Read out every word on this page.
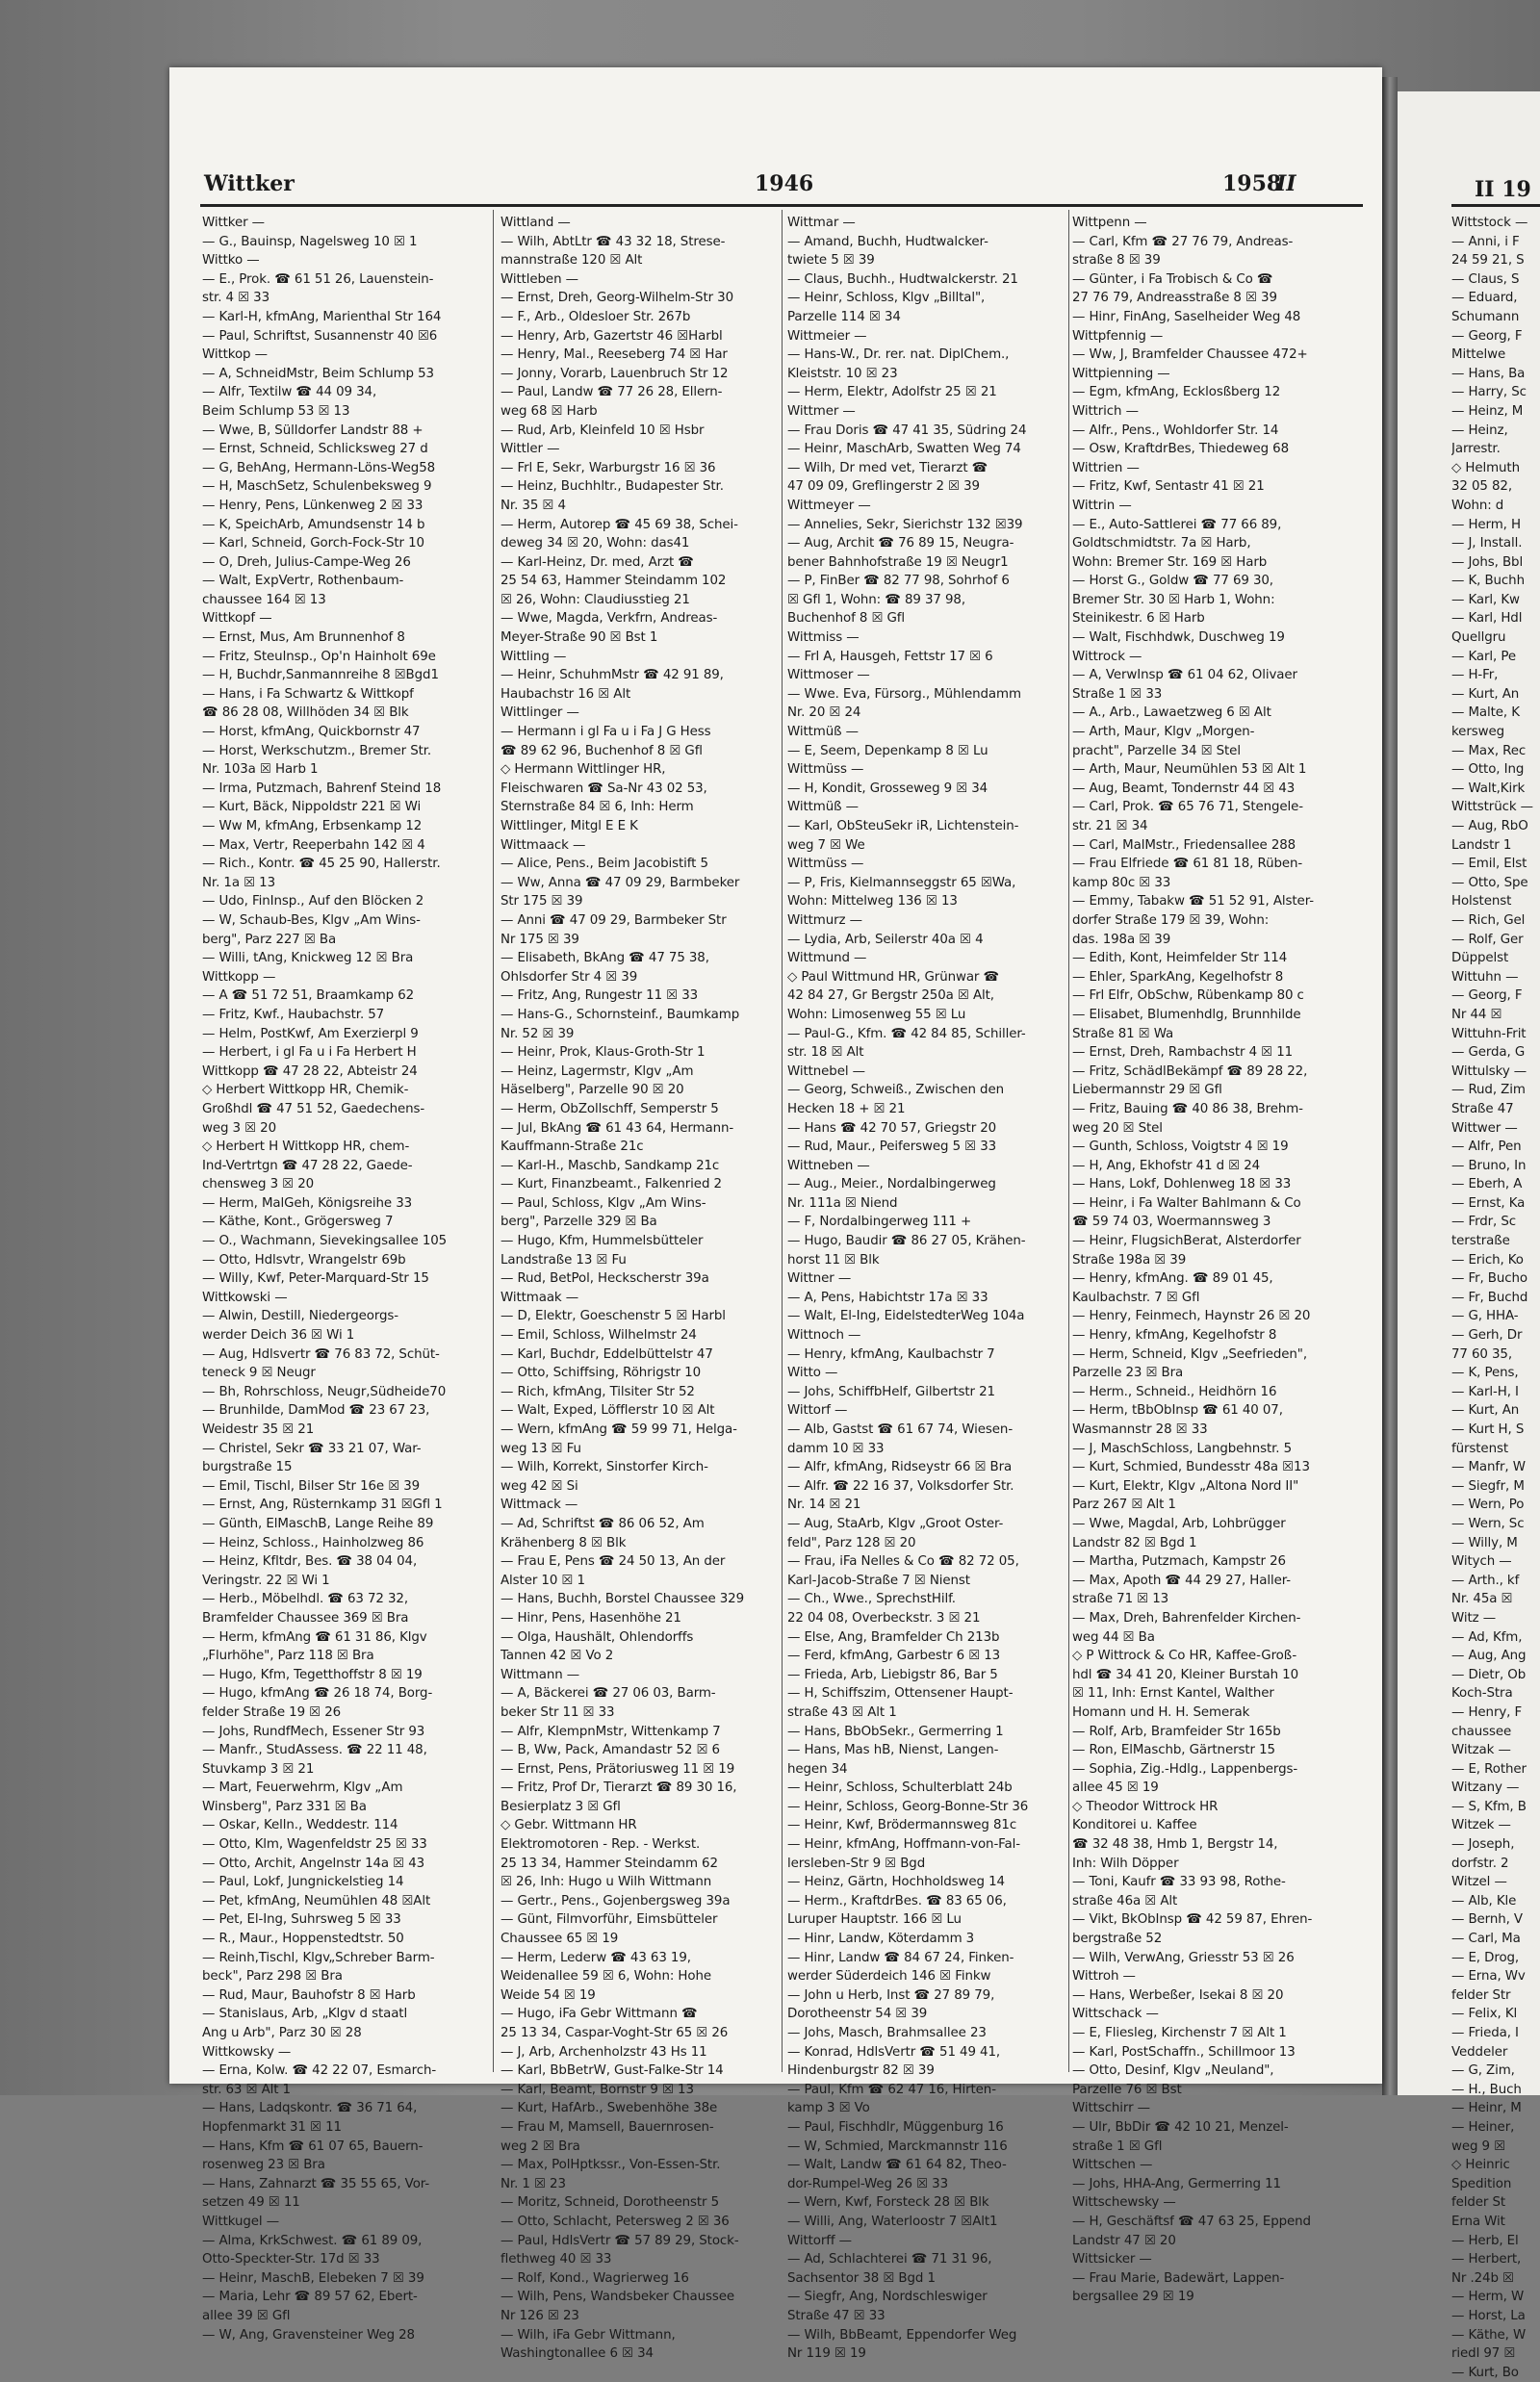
Wittker	1946	1958
II	II 19
Wittker —
— G., Bauinsp, Nagelsweg 10 ☒ 1
Wittko —
— E., Prok. ☎ 61 51 26, Lauenstein-
str. 4 ☒ 33
— Karl-H, kfmAng, Marienthal Str 164
— Paul, Schriftst, Susannenstr 40 ☒6
Wittkop —
— A, SchneidMstr, Beim Schlump 53
— Alfr, Textilw ☎ 44 09 34,
Beim Schlump 53 ☒ 13
— Wwe, B, Sülldorfer Landstr 88 +
— Ernst, Schneid, Schlicksweg 27 d
— G, BehAng, Hermann-Löns-Weg58
— H, MaschSetz, Schulenbeksweg 9
— Henry, Pens, Lünkenweg 2 ☒ 33
— K, SpeichArb, Amundsenstr 14 b
— Karl, Schneid, Gorch-Fock-Str 10
— O, Dreh, Julius-Campe-Weg 26
— Walt, ExpVertr, Rothenbaum-
chaussee 164 ☒ 13
Wittkopf —
— Ernst, Mus, Am Brunnenhof 8
— Fritz, Steulnsp., Op'n Hainholt 69e
— H, Buchdr,Sanmannreihe 8 ☒Bgd1
— Hans, i Fa Schwartz & Wittkopf
☎ 86 28 08, Willhöden 34 ☒ Blk
— Horst, kfmAng, Quickbornstr 47
— Horst, Werkschutzm., Bremer Str.
Nr. 103a ☒ Harb 1
— Irma, Putzmach, Bahrenf Steind 18
— Kurt, Bäck, Nippoldstr 221 ☒ Wi
— Ww M, kfmAng, Erbsenkamp 12
— Max, Vertr, Reeperbahn 142 ☒ 4
— Rich., Kontr. ☎ 45 25 90, Hallerstr.
Nr. 1a ☒ 13
— Udo, FinInsp., Auf den Blöcken 2
— W, Schaub-Bes, Klgv „Am Wins-
berg", Parz 227 ☒ Ba
— Willi, tAng, Knickweg 12 ☒ Bra
Wittkopp —
— A ☎ 51 72 51, Braamkamp 62
— Fritz, Kwf., Haubachstr. 57
— Helm, PostKwf, Am Exerzierpl 9
— Herbert, i gl Fa u i Fa Herbert H
Wittkopp ☎ 47 28 22, Abteistr 24
◇ Herbert Wittkopp HR, Chemik-
Großhdl ☎ 47 51 52, Gaedechens-
weg 3 ☒ 20
◇ Herbert H Wittkopp HR, chem-
Ind-Vertrtgn ☎ 47 28 22, Gaede-
chensweg 3 ☒ 20
— Herm, MalGeh, Königsreihe 33
— Käthe, Kont., Grögersweg 7
— O., Wachmann, Sievekingsallee 105
— Otto, Hdlsvtr, Wrangelstr 69b
— Willy, Kwf, Peter-Marquard-Str 15
Wittkowski —
— Alwin, Destill, Niedergeorgs-
werder Deich 36 ☒ Wi 1
— Aug, Hdlsvertr ☎ 76 83 72, Schüt-
teneck 9 ☒ Neugr
— Bh, Rohrschloss, Neugr,Südheide70
— Brunhilde, DamMod ☎ 23 67 23,
Weidestr 35 ☒ 21
— Christel, Sekr ☎ 33 21 07, War-
burgstraße 15
— Emil, Tischl, Bilser Str 16e ☒ 39
— Ernst, Ang, Rüsternkamp 31 ☒Gfl 1
— Günth, ElMaschB, Lange Reihe 89
— Heinz, Schloss., Hainholzweg 86
— Heinz, Kfltdr, Bes. ☎ 38 04 04,
Veringstr. 22 ☒ Wi 1
— Herb., Möbelhdl. ☎ 63 72 32,
Bramfelder Chaussee 369 ☒ Bra
— Herm, kfmAng ☎ 61 31 86, Klgv
„Flurhöhe", Parz 118 ☒ Bra
— Hugo, Kfm, Tegetthoffstr 8 ☒ 19
— Hugo, kfmAng ☎ 26 18 74, Borg-
felder Straße 19 ☒ 26
— Johs, RundfMech, Essener Str 93
— Manfr., StudAssess. ☎ 22 11 48,
Stuvkamp 3 ☒ 21
— Mart, Feuerwehrm, Klgv „Am
Winsberg", Parz 331 ☒ Ba
— Oskar, Kelln., Weddestr. 114
— Otto, Klm, Wagenfeldstr 25 ☒ 33
— Otto, Archit, Angelnstr 14a ☒ 43
— Paul, Lokf, Jungnickelstieg 14
— Pet, kfmAng, Neumühlen 48 ☒Alt
— Pet, El-Ing, Suhrsweg 5 ☒ 33
— R., Maur., Hoppenstedtstr. 50
— Reinh,Tischl, Klgv„Schreber Barm-
beck", Parz 298 ☒ Bra
— Rud, Maur, Bauhofstr 8 ☒ Harb
— Stanislaus, Arb, „Klgv d staatl
Ang u Arb", Parz 30 ☒ 28
Wittkowsky —
— Erna, Kolw. ☎ 42 22 07, Esmarch-
str. 63 ☒ Alt 1
— Hans, Ladqskontr. ☎ 36 71 64,
Hopfenmarkt 31 ☒ 11
— Hans, Kfm ☎ 61 07 65, Bauern-
rosenweg 23 ☒ Bra
— Hans, Zahnarzt ☎ 35 55 65, Vor-
setzen 49 ☒ 11
Wittkugel —
— Alma, KrkSchwest. ☎ 61 89 09,
Otto-Speckter-Str. 17d ☒ 33
— Heinr, MaschB, Elebeken 7 ☒ 39
— Maria, Lehr ☎ 89 57 62, Ebert-
allee 39 ☒ Gfl
— W, Ang, Gravensteiner Weg 28
Wittland —
— Wilh, AbtLtr ☎ 43 32 18, Strese-
mannstraße 120 ☒ Alt
Wittleben —
— Ernst, Dreh, Georg-Wilhelm-Str 30
— F., Arb., Oldesloer Str. 267b
— Henry, Arb, Gazertstr 46 ☒Harbl
— Henry, Mal., Reeseberg 74 ☒ Har
— Jonny, Vorarb, Lauenbruch Str 12
— Paul, Landw ☎ 77 26 28, Ellern-
weg 68 ☒ Harb
— Rud, Arb, Kleinfeld 10 ☒ Hsbr
Wittler —
— Frl E, Sekr, Warburgstr 16 ☒ 36
— Heinz, Buchhltr., Budapester Str.
Nr. 35 ☒ 4
— Herm, Autorep ☎ 45 69 38, Schei-
deweg 34 ☒ 20, Wohn: das41
— Karl-Heinz, Dr. med, Arzt ☎
25 54 63, Hammer Steindamm 102
☒ 26, Wohn: Claudiusstieg 21
— Wwe, Magda, Verkfrn, Andreas-
Meyer-Straße 90 ☒ Bst 1
Wittling —
— Heinr, SchuhmMstr ☎ 42 91 89,
Haubachstr 16 ☒ Alt
Wittlinger —
— Hermann i gl Fa u i Fa J G Hess
☎ 89 62 96, Buchenhof 8 ☒ Gfl
◇ Hermann Wittlinger HR,
Fleischwaren ☎ Sa-Nr 43 02 53,
Sternstraße 84 ☒ 6, Inh: Herm
Wittlinger, Mitgl E E K
Wittmaack —
— Alice, Pens., Beim Jacobistift 5
— Ww, Anna ☎ 47 09 29, Barmbeker
Str 175 ☒ 39
— Anni ☎ 47 09 29, Barmbeker Str
Nr 175 ☒ 39
— Elisabeth, BkAng ☎ 47 75 38,
Ohlsdorfer Str 4 ☒ 39
— Fritz, Ang, Rungestr 11 ☒ 33
— Hans-G., Schornsteinf., Baumkamp
Nr. 52 ☒ 39
— Heinr, Prok, Klaus-Groth-Str 1
— Heinz, Lagermstr, Klgv „Am
Häselberg", Parzelle 90 ☒ 20
— Herm, ObZollschff, Semperstr 5
— Jul, BkAng ☎ 61 43 64, Hermann-
Kauffmann-Straße 21c
— Karl-H., Maschb, Sandkamp 21c
— Kurt, Finanzbeamt., Falkenried 2
— Paul, Schloss, Klgv „Am Wins-
berg", Parzelle 329 ☒ Ba
— Hugo, Kfm, Hummelsbütteler
Landstraße 13 ☒ Fu
— Rud, BetPol, Heckscherstr 39a
Wittmaak —
— D, Elektr, Goeschenstr 5 ☒ Harbl
— Emil, Schloss, Wilhelmstr 24
— Karl, Buchdr, Eddelbüttelstr 47
— Otto, Schiffsing, Röhrigstr 10
— Rich, kfmAng, Tilsiter Str 52
— Walt, Exped, Löfflerstr 10 ☒ Alt
— Wern, kfmAng ☎ 59 99 71, Helga-
weg 13 ☒ Fu
— Wilh, Korrekt, Sinstorfer Kirch-
weg 42 ☒ Si
Wittmack —
— Ad, Schriftst ☎ 86 06 52, Am
Krähenberg 8 ☒ Blk
— Frau E, Pens ☎ 24 50 13, An der
Alster 10 ☒ 1
— Hans, Buchh, Borstel Chaussee 329
— Hinr, Pens, Hasenhöhe 21
— Olga, Haushält, Ohlendorffs
Tannen 42 ☒ Vo 2
Wittmann —
— A, Bäckerei ☎ 27 06 03, Barm-
beker Str 11 ☒ 33
— Alfr, KlempnMstr, Wittenkamp 7
— B, Ww, Pack, Amandastr 52 ☒ 6
— Ernst, Pens, Prätoriusweg 11 ☒ 19
— Fritz, Prof Dr, Tierarzt ☎ 89 30 16,
Besierplatz 3 ☒ Gfl
◇ Gebr. Wittmann HR
Elektromotoren - Rep. - Werkst.
25 13 34, Hammer Steindamm 62
☒ 26, Inh: Hugo u Wilh Wittmann
— Gertr., Pens., Gojenbergsweg 39a
— Günt, Filmvorführ, Eimsbütteler
Chaussee 65 ☒ 19
— Herm, Lederw ☎ 43 63 19,
Weidenallee 59 ☒ 6, Wohn: Hohe
Weide 54 ☒ 19
— Hugo, iFa Gebr Wittmann ☎
25 13 34, Caspar-Voght-Str 65 ☒ 26
— J, Arb, Archenholzstr 43 Hs 11
— Karl, BbBetrW, Gust-Falke-Str 14
— Karl, Beamt, Bornstr 9 ☒ 13
— Kurt, HafArb., Swebenhöhe 38e
— Frau M, Mamsell, Bauernrosen-
weg 2 ☒ Bra
— Max, PolHptkssr., Von-Essen-Str.
Nr. 1 ☒ 23
— Moritz, Schneid, Dorotheenstr 5
— Otto, Schlacht, Petersweg 2 ☒ 36
— Paul, HdlsVertr ☎ 57 89 29, Stock-
flethweg 40 ☒ 33
— Rolf, Kond., Wagrierweg 16
— Wilh, Pens, Wandsbeker Chaussee
Nr 126 ☒ 23
— Wilh, iFa Gebr Wittmann,
Washingtonallee 6 ☒ 34
Wittmar —
— Amand, Buchh, Hudtwalcker-
twiete 5 ☒ 39
— Claus, Buchh., Hudtwalckerstr. 21
— Heinr, Schloss, Klgv „Billtal",
Parzelle 114 ☒ 34
Wittmeier —
— Hans-W., Dr. rer. nat. DiplChem.,
Kleiststr. 10 ☒ 23
— Herm, Elektr, Adolfstr 25 ☒ 21
Wittmer —
— Frau Doris ☎ 47 41 35, Südring 24
— Heinr, MaschArb, Swatten Weg 74
— Wilh, Dr med vet, Tierarzt ☎
47 09 09, Greflingerstr 2 ☒ 39
Wittmeyer —
— Annelies, Sekr, Sierichstr 132 ☒39
— Aug, Archit ☎ 76 89 15, Neugra-
bener Bahnhofstraße 19 ☒ Neugr1
— P, FinBer ☎ 82 77 98, Sohrhof 6
☒ Gfl 1, Wohn: ☎ 89 37 98,
Buchenhof 8 ☒ Gfl
Wittmiss —
— Frl A, Hausgeh, Fettstr 17 ☒ 6
Wittmoser —
— Wwe. Eva, Fürsorg., Mühlendamm
Nr. 20 ☒ 24
Wittmüß —
— E, Seem, Depenkamp 8 ☒ Lu
Wittmüss —
— H, Kondit, Grosseweg 9 ☒ 34
Wittmüß —
— Karl, ObSteuSekr iR, Lichtenstein-
weg 7 ☒ We
Wittmüss —
— P, Fris, Kielmannseggstr 65 ☒Wa,
Wohn: Mittelweg 136 ☒ 13
Wittmurz —
— Lydia, Arb, Seilerstr 40a ☒ 4
Wittmund —
◇ Paul Wittmund HR, Grünwar ☎
42 84 27, Gr Bergstr 250a ☒ Alt,
Wohn: Limosenweg 55 ☒ Lu
— Paul-G., Kfm. ☎ 42 84 85, Schiller-
str. 18 ☒ Alt
Wittnebel —
— Georg, Schweiß., Zwischen den
Hecken 18 + ☒ 21
— Hans ☎ 42 70 57, Griegstr 20
— Rud, Maur., Peifersweg 5 ☒ 33
Wittneben —
— Aug., Meier., Nordalbingerweg
Nr. 111a ☒ Niend
— F, Nordalbingerweg 111 +
— Hugo, Baudir ☎ 86 27 05, Krähen-
horst 11 ☒ Blk
Wittner —
— A, Pens, Habichtstr 17a ☒ 33
— Walt, El-Ing, EidelstedterWeg 104a
Wittnoch —
— Henry, kfmAng, Kaulbachstr 7
Witto —
— Johs, SchiffbHelf, Gilbertstr 21
Wittorf —
— Alb, Gastst ☎ 61 67 74, Wiesen-
damm 10 ☒ 33
— Alfr, kfmAng, Ridseystr 66 ☒ Bra
— Alfr. ☎ 22 16 37, Volksdorfer Str.
Nr. 14 ☒ 21
— Aug, StaArb, Klgv „Groot Oster-
feld", Parz 128 ☒ 20
— Frau, iFa Nelles & Co ☎ 82 72 05,
Karl-Jacob-Straße 7 ☒ Nienst
— Ch., Wwe., SprechstHilf.
22 04 08, Overbeckstr. 3 ☒ 21
— Else, Ang, Bramfelder Ch 213b
— Ferd, kfmAng, Garbestr 6 ☒ 13
— Frieda, Arb, Liebigstr 86, Bar 5
— H, Schiffszim, Ottensener Haupt-
straße 43 ☒ Alt 1
— Hans, BbObSekr., Germerring 1
— Hans, Mas hB, Nienst, Langen-
hegen 34
— Heinr, Schloss, Schulterblatt 24b
— Heinr, Schloss, Georg-Bonne-Str 36
— Heinr, Kwf, Brödermannsweg 81c
— Heinr, kfmAng, Hoffmann-von-Fal-
lersleben-Str 9 ☒ Bgd
— Heinz, Gärtn, Hochholdsweg 14
— Herm., KraftdrBes. ☎ 83 65 06,
Luruper Hauptstr. 166 ☒ Lu
— Hinr, Landw, Köterdamm 3
— Hinr, Landw ☎ 84 67 24, Finken-
werder Süderdeich 146 ☒ Finkw
— John u Herb, Inst ☎ 27 89 79,
Dorotheenstr 54 ☒ 39
— Johs, Masch, Brahmsallee 23
— Konrad, HdlsVertr ☎ 51 49 41,
Hindenburgstr 82 ☒ 39
— Paul, Kfm ☎ 62 47 16, Hirten-
kamp 3 ☒ Vo
— Paul, Fischhdlr, Müggenburg 16
— W, Schmied, Marckmannstr 116
— Walt, Landw ☎ 61 64 82, Theo-
dor-Rumpel-Weg 26 ☒ 33
— Wern, Kwf, Forsteck 28 ☒ Blk
— Willi, Ang, Waterloostr 7 ☒Alt1
Wittorff —
— Ad, Schlachterei ☎ 71 31 96,
Sachsentor 38 ☒ Bgd 1
— Siegfr, Ang, Nordschleswiger
Straße 47 ☒ 33
— Wilh, BbBeamt, Eppendorfer Weg
Nr 119 ☒ 19
Wittpenn —
— Carl, Kfm ☎ 27 76 79, Andreas-
straße 8 ☒ 39
— Günter, i Fa Trobisch & Co ☎
27 76 79, Andreasstraße 8 ☒ 39
— Hinr, FinAng, Saselheider Weg 48
Wittpfennig —
— Ww, J, Bramfelder Chaussee 472+
Wittpienning —
— Egm, kfmAng, Ecklosßberg 12
Wittrich —
— Alfr., Pens., Wohldorfer Str. 14
— Osw, KraftdrBes, Thiedeweg 68
Wittrien —
— Fritz, Kwf, Sentastr 41 ☒ 21
Wittrin —
— E., Auto-Sattlerei ☎ 77 66 89,
Goldtschmidtstr. 7a ☒ Harb,
Wohn: Bremer Str. 169 ☒ Harb
— Horst G., Goldw ☎ 77 69 30,
Bremer Str. 30 ☒ Harb 1, Wohn:
Steinikestr. 6 ☒ Harb
— Walt, Fischhdwk, Duschweg 19
Wittrock —
— A, VerwInsp ☎ 61 04 62, Olivaer
Straße 1 ☒ 33
— A., Arb., Lawaetzweg 6 ☒ Alt
— Arth, Maur, Klgv „Morgen-
pracht", Parzelle 34 ☒ Stel
— Arth, Maur, Neumühlen 53 ☒ Alt 1
— Aug, Beamt, Tondernstr 44 ☒ 43
— Carl, Prok. ☎ 65 76 71, Stengele-
str. 21 ☒ 34
— Carl, MalMstr., Friedensallee 288
— Frau Elfriede ☎ 61 81 18, Rüben-
kamp 80c ☒ 33
— Emmy, Tabakw ☎ 51 52 91, Alster-
dorfer Straße 179 ☒ 39, Wohn:
das. 198a ☒ 39
— Edith, Kont, Heimfelder Str 114
— Ehler, SparkAng, Kegelhofstr 8
— Frl Elfr, ObSchw, Rübenkamp 80 c
— Elisabet, Blumenhdlg, Brunnhilde
Straße 81 ☒ Wa
— Ernst, Dreh, Rambachstr 4 ☒ 11
— Fritz, SchädlBekämpf ☎ 89 28 22,
Liebermannstr 29 ☒ Gfl
— Fritz, Bauing ☎ 40 86 38, Brehm-
weg 20 ☒ Stel
— Gunth, Schloss, Voigtstr 4 ☒ 19
— H, Ang, Ekhofstr 41 d ☒ 24
— Hans, Lokf, Dohlenweg 18 ☒ 33
— Heinr, i Fa Walter Bahlmann & Co
☎ 59 74 03, Woermannsweg 3
— Heinr, FlugsichBerat, Alsterdorfer
Straße 198a ☒ 39
— Henry, kfmAng. ☎ 89 01 45,
Kaulbachstr. 7 ☒ Gfl
— Henry, Feinmech, Haynstr 26 ☒ 20
— Henry, kfmAng, Kegelhofstr 8
— Herm, Schneid, Klgv „Seefrieden",
Parzelle 23 ☒ Bra
— Herm., Schneid., Heidhörn 16
— Herm, tBbObInsp ☎ 61 40 07,
Wasmannstr 28 ☒ 33
— J, MaschSchloss, Langbehnstr. 5
— Kurt, Schmied, Bundesstr 48a ☒13
— Kurt, Elektr, Klgv „Altona Nord II"
Parz 267 ☒ Alt 1
— Wwe, Magdal, Arb, Lohbrügger
Landstr 82 ☒ Bgd 1
— Martha, Putzmach, Kampstr 26
— Max, Apoth ☎ 44 29 27, Haller-
straße 71 ☒ 13
— Max, Dreh, Bahrenfelder Kirchen-
weg 44 ☒ Ba
◇ P Wittrock & Co HR, Kaffee-Groß-
hdl ☎ 34 41 20, Kleiner Burstah 10
☒ 11, Inh: Ernst Kantel, Walther
Homann und H. H. Semerak
— Rolf, Arb, Bramfeider Str 165b
— Ron, ElMaschb, Gärtnerstr 15
— Sophia, Zig.-Hdlg., Lappenbergs-
allee 45 ☒ 19
◇ Theodor Wittrock HR
Konditorei u. Kaffee
☎ 32 48 38, Hmb 1, Bergstr 14,
Inh: Wilh Döpper
— Toni, Kaufr ☎ 33 93 98, Rothe-
straße 46a ☒ Alt
— Vikt, BkObInsp ☎ 42 59 87, Ehren-
bergstraße 52
— Wilh, VerwAng, Griesstr 53 ☒ 26
Wittroh —
— Hans, Werbeßer, Isekai 8 ☒ 20
Wittschack —
— E, Fliesleg, Kirchenstr 7 ☒ Alt 1
— Karl, PostSchaffn., Schillmoor 13
— Otto, Desinf, Klgv „Neuland",
Parzelle 76 ☒ Bst
Wittschirr —
— Ulr, BbDir ☎ 42 10 21, Menzel-
straße 1 ☒ Gfl
Wittschen —
— Johs, HHA-Ang, Germerring 11
Wittschewsky —
— H, Geschäftsf ☎ 47 63 25, Eppend
Landstr 47 ☒ 20
Wittsicker —
— Frau Marie, Badewärt, Lappen-
bergsallee 29 ☒ 19
Wittstock —
— Anni, i F
24 59 21, S
— Claus, S
— Eduard,
Schumann
— Georg, F
Mittelwe
— Hans, Ba
— Harry, Sc
— Heinz, M
— Heinz,
Jarrestr.
◇ Helmuth
32 05 82,
Wohn: d
— Herm, H
— J, Install.
— Johs, Bbl
— K, Buchh
— Karl, Kw
— Karl, Hdl
Quellgru
— Karl, Pe
— H-Fr,
— Kurt, An
— Malte, K
kersweg
— Max, Rec
— Otto, Ing
— Walt,Kirk
Wittstrück —
— Aug, RbO
Landstr 1
— Emil, Elst
— Otto, Spe
Holstenst
— Rich, Gel
— Rolf, Ger
Düppelst
Wittuhn —
— Georg, F
Nr 44 ☒
Wittuhn-Frit
— Gerda, G
Wittulsky —
— Rud, Zim
Straße 47
Wittwer —
— Alfr, Pen
— Bruno, In
— Eberh, A
— Ernst, Ka
— Frdr, Sc
terstraße
— Erich, Ko
— Fr, Bucho
— Fr, Buchd
— G, HHA-
— Gerh, Dr
77 60 35,
— K, Pens,
— Karl-H, I
— Kurt, An
— Kurt H, S
fürstenst
— Manfr, W
— Siegfr, M
— Wern, Po
— Wern, Sc
— Willy, M
Witych —
— Arth., kf
Nr. 45a ☒
Witz —
— Ad, Kfm,
— Aug, Ang
— Dietr, Ob
Koch-Stra
— Henry, F
chaussee
Witzak —
— E, Rother
Witzany —
— S, Kfm, B
Witzek —
— Joseph,
dorfstr. 2
Witzel —
— Alb, Kle
— Bernh, V
— Carl, Ma
— E, Drog,
— Erna, Wv
felder Str
— Felix, Kl
— Frieda, I
Veddeler
— G, Zim,
— H., Buch
— Heinr, M
— Heiner,
weg 9 ☒
◇ Heinric
Spedition
felder St
Erna Wit
— Herb, El
— Herbert,
Nr .24b ☒
— Herm, W
— Horst, La
— Käthe, W
riedl 97 ☒
— Kurt, Bo
